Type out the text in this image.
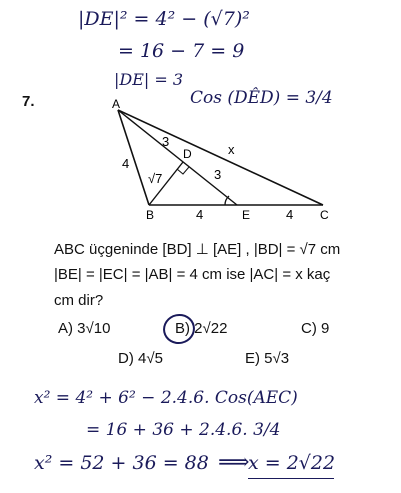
|DE|² = 4² − (√7)²
= 16 − 7 = 9
|DE| = 3
Cos (DÊD) = 3/4
7.	A
B	C
D
E
4
4	4
√7
3
3
x
ABC üçgeninde [BD] ⊥ [AE] , |BD| = √7 cm
|BE| = |EC| = |AB| = 4 cm ise |AC| = x kaç
cm dir?
A) 3√10	B) 2√22	C) 9
D) 4√5	E) 5√3
x² = 4² + 6² − 2.4.6. Cos(AEC)
= 16 + 36 + 2.4.6. 3/4
x² = 52 + 36 = 88 ⟹
x = 2√22
